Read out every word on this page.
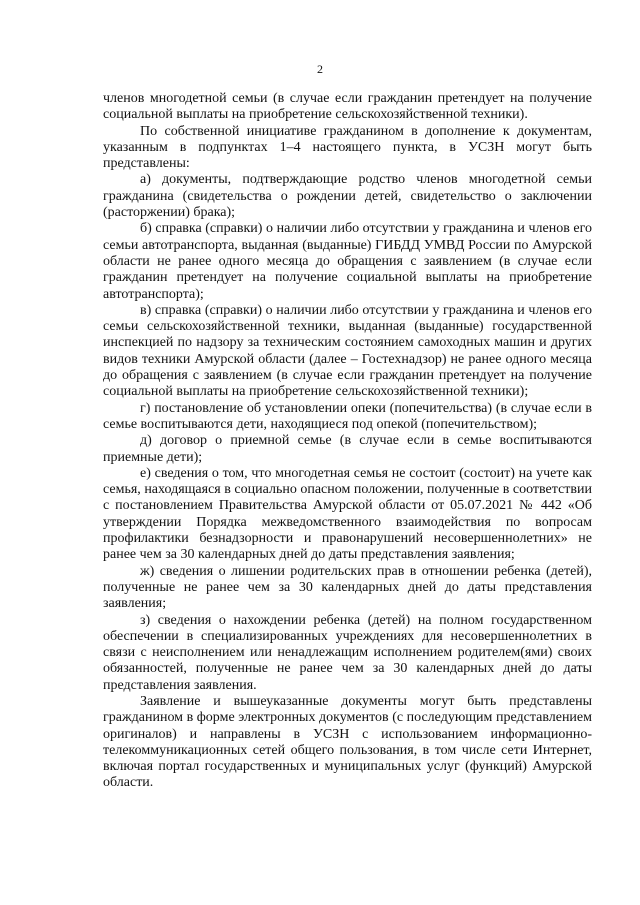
2

членов многодетной семьи (в случае если гражданин претендует на получение социальной выплаты на приобретение сельскохозяйственной техники).

По собственной инициативе гражданином в дополнение к документам, указанным в подпунктах 1–4 настоящего пункта, в УСЗН могут быть представлены:

а) документы, подтверждающие родство членов многодетной семьи гражданина (свидетельства о рождении детей, свидетельство о заключении (расторжении) брака);

б) справка (справки) о наличии либо отсутствии у гражданина и членов его семьи автотранспорта, выданная (выданные) ГИБДД УМВД России по Амурской области не ранее одного месяца до обращения с заявлением (в случае если гражданин претендует на получение социальной выплаты на приобретение автотранспорта);

в) справка (справки) о наличии либо отсутствии у гражданина и членов его семьи сельскохозяйственной техники, выданная (выданные) государственной инспекцией по надзору за техническим состоянием самоходных машин и других видов техники Амурской области (далее – Гостехнадзор) не ранее одного месяца до обращения с заявлением (в случае если гражданин претендует на получение социальной выплаты на приобретение сельскохозяйственной техники);

г) постановление об установлении опеки (попечительства) (в случае если в семье воспитываются дети, находящиеся под опекой (попечительством);

д) договор о приемной семье (в случае если в семье воспитываются приемные дети);

е) сведения о том, что многодетная семья не состоит (состоит) на учете как семья, находящаяся в социально опасном положении, полученные в соответствии с постановлением Правительства Амурской области от 05.07.2021 № 442 «Об утверждении Порядка межведомственного взаимодействия по вопросам профилактики безнадзорности и правонарушений несовершеннолетних» не ранее чем за 30 календарных дней до даты представления заявления;

ж) сведения о лишении родительских прав в отношении ребенка (детей), полученные не ранее чем за 30 календарных дней до даты представления заявления;

з) сведения о нахождении ребенка (детей) на полном государственном обеспечении в специализированных учреждениях для несовершеннолетних в связи с неисполнением или ненадлежащим исполнением родителем(ями) своих обязанностей, полученные не ранее чем за 30 календарных дней до даты представления заявления.

Заявление и вышеуказанные документы могут быть представлены гражданином в форме электронных документов (с последующим представлением оригиналов) и направлены в УСЗН с использованием информационно-телекоммуникационных сетей общего пользования, в том числе сети Интернет, включая портал государственных и муниципальных услуг (функций) Амурской области.
